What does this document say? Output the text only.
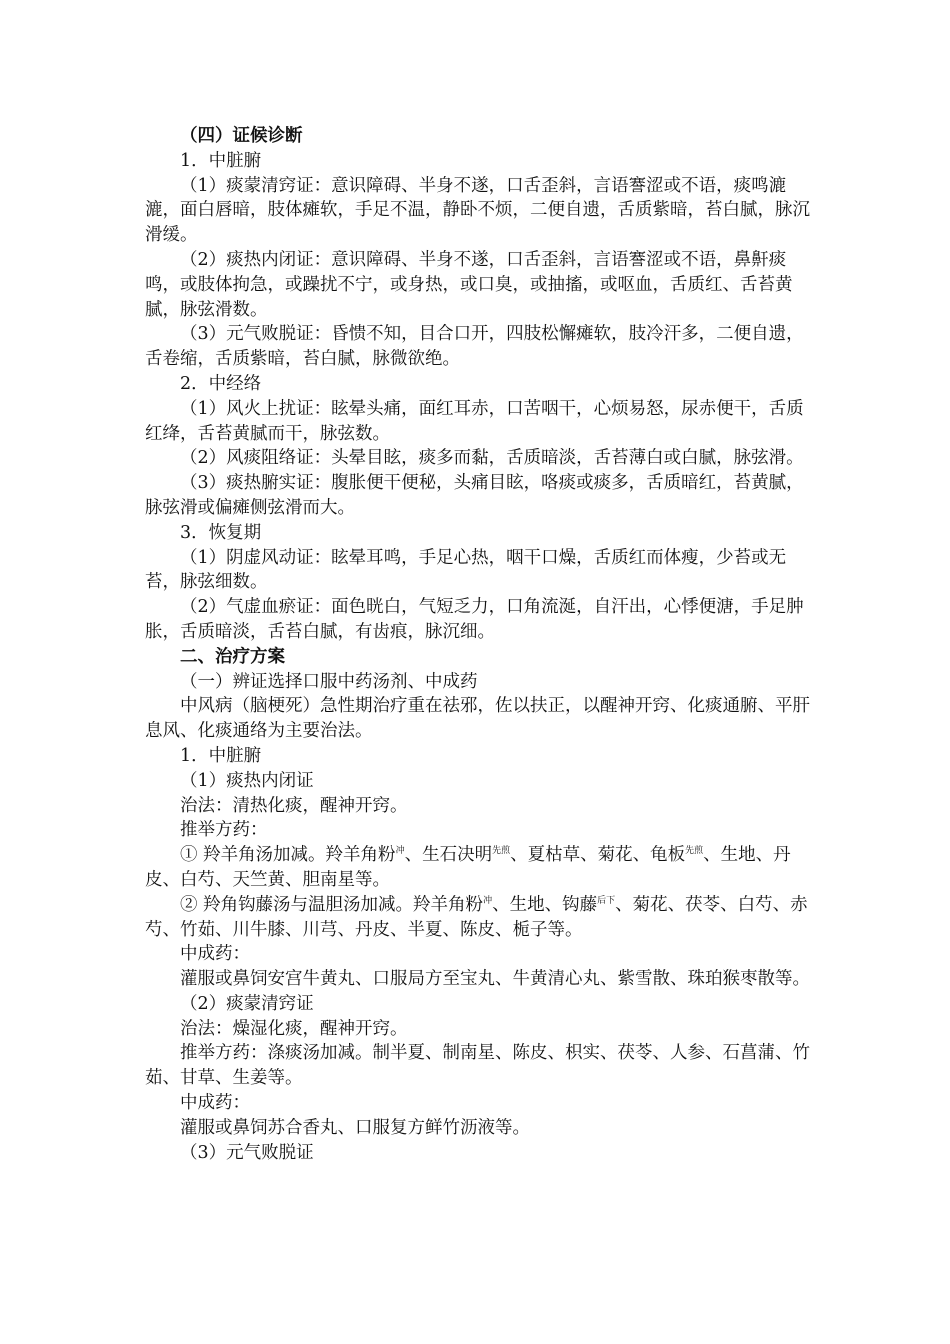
（四）证候诊断

1．中脏腑

（1）痰蒙清窍证：意识障碍、半身不遂，口舌歪斜，言语謇涩或不语，痰鸣漉漉，面白唇暗，肢体瘫软，手足不温，静卧不烦，二便自遗，舌质紫暗，苔白腻，脉沉滑缓。

（2）痰热内闭证：意识障碍、半身不遂，口舌歪斜，言语謇涩或不语，鼻鼾痰鸣，或肢体拘急，或躁扰不宁，或身热，或口臭，或抽搐，或呕血，舌质红、舌苔黄腻，脉弦滑数。

（3）元气败脱证：昏愦不知，目合口开，四肢松懈瘫软，肢冷汗多，二便自遗，舌卷缩，舌质紫暗，苔白腻，脉微欲绝。

2．中经络

（1）风火上扰证：眩晕头痛，面红耳赤，口苦咽干，心烦易怒，尿赤便干，舌质红绛，舌苔黄腻而干，脉弦数。

（2）风痰阻络证：头晕目眩，痰多而黏，舌质暗淡，舌苔薄白或白腻，脉弦滑。

（3）痰热腑实证：腹胀便干便秘，头痛目眩，咯痰或痰多，舌质暗红，苔黄腻，脉弦滑或偏瘫侧弦滑而大。

3．恢复期

（1）阴虚风动证：眩晕耳鸣，手足心热，咽干口燥，舌质红而体瘦，少苔或无苔，脉弦细数。

（2）气虚血瘀证：面色晄白，气短乏力，口角流涎，自汗出，心悸便溏，手足肿胀，舌质暗淡，舌苔白腻，有齿痕，脉沉细。

二、治疗方案

（一）辨证选择口服中药汤剂、中成药

中风病（脑梗死）急性期治疗重在祛邪，佐以扶正，以醒神开窍、化痰通腑、平肝息风、化痰通络为主要治法。

1．中脏腑

（1）痰热内闭证

治法：清热化痰，醒神开窍。

推举方药：

① 羚羊角汤加减。羚羊角粉$^冲$、生石决明$^{先煎}$、夏枯草、菊花、龟板$^{先煎}$、生地、丹皮、白芍、天竺黄、胆南星等。

② 羚角钩藤汤与温胆汤加减。羚羊角粉$^冲$、生地、钩藤$^{后下}$、菊花、茯苓、白芍、赤芍、竹茹、川牛膝、川芎、丹皮、半夏、陈皮、栀子等。

中成药：

灌服或鼻饲安宫牛黄丸、口服局方至宝丸、牛黄清心丸、紫雪散、珠珀猴枣散等。

（2）痰蒙清窍证

治法：燥湿化痰，醒神开窍。

推举方药：涤痰汤加减。制半夏、制南星、陈皮、枳实、茯苓、人参、石菖蒲、竹茹、甘草、生姜等。

中成药：

灌服或鼻饲苏合香丸、口服复方鲜竹沥液等。

（3）元气败脱证
